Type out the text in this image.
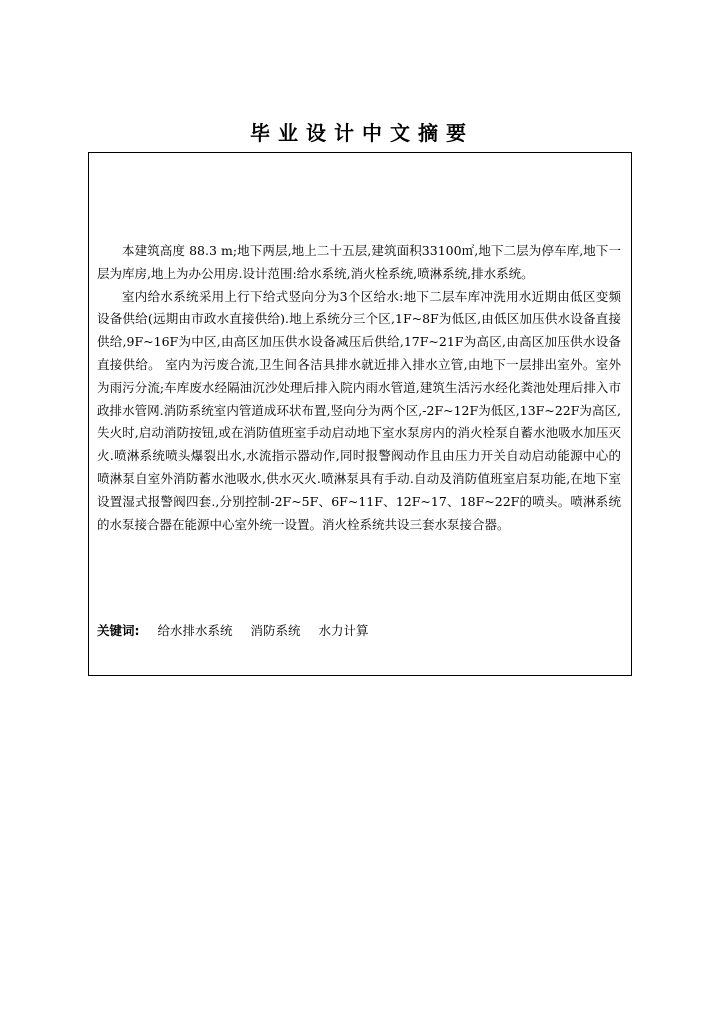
毕业设计中文摘要

本建筑高度 88.3 m;地下两层,地上二十五层,建筑面积33100㎡,地下二层为停车库,地下一层为库房,地上为办公用房.设计范围:给水系统,消火栓系统,喷淋系统,排水系统。

室内给水系统采用上行下给式竖向分为3个区给水:地下二层车库冲洗用水近期由低区变频设备供给(远期由市政水直接供给).地上系统分三个区,1F~8F为低区,由低区加压供水设备直接供给,9F~16F为中区,由高区加压供水设备减压后供给,17F~21F为高区,由高区加压供水设备直接供给。 室内为污废合流,卫生间各洁具排水就近排入排水立管,由地下一层排出室外。室外为雨污分流;车库废水经隔油沉沙处理后排入院内雨水管道,建筑生活污水经化粪池处理后排入市政排水管网.消防系统室内管道成环状布置,竖向分为两个区,-2F~12F为低区,13F~22F为高区,失火时,启动消防按钮,或在消防值班室手动启动地下室水泵房内的消火栓泵自蓄水池吸水加压灭火.喷淋系统喷头爆裂出水,水流指示器动作,同时报警阀动作且由压力开关自动启动能源中心的喷淋泵自室外消防蓄水池吸水,供水灭火.喷淋泵具有手动.自动及消防值班室启泵功能,在地下室设置湿式报警阀四套.,分别控制-2F~5F、6F~11F、12F~17、18F~22F的喷头。喷淋系统的水泵接合器在能源中心室外统一设置。消火栓系统共设三套水泵接合器。

关键词: 给水排水系统 消防系统 水力计算
